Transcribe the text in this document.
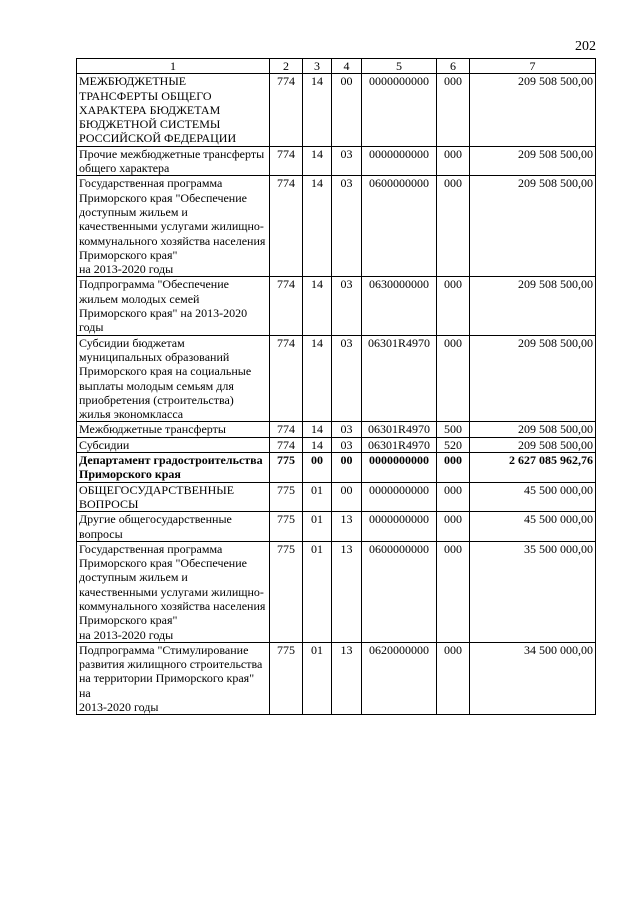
202
1	2	3	4	5	6	7
МЕЖБЮДЖЕТНЫЕ ТРАНСФЕРТЫ ОБЩЕГО ХАРАКТЕРА БЮДЖЕТАМ БЮДЖЕТНОЙ СИСТЕМЫ РОССИЙСКОЙ ФЕДЕРАЦИИ	774	14	00	0000000000	000	209 508 500,00
Прочие межбюджетные трансферты общего характера	774	14	03	0000000000	000	209 508 500,00
Государственная программа Приморского края "Обеспечение доступным жильем и качественными услугами жилищно-коммунального хозяйства населения Приморского края"
на 2013-2020 годы	774	14	03	0600000000	000	209 508 500,00
Подпрограмма "Обеспечение жильем молодых семей Приморского края" на 2013-2020 годы	774	14	03	0630000000	000	209 508 500,00
Субсидии бюджетам муниципальных образований Приморского края на социальные выплаты молодым семьям для приобретения (строительства) жилья экономкласса	774	14	03	06301R4970	000	209 508 500,00
Межбюджетные трансферты	774	14	03	06301R4970	500	209 508 500,00
Субсидии	774	14	03	06301R4970	520	209 508 500,00
Департамент градостроительства Приморского края	775	00	00	0000000000	000	2 627 085 962,76
ОБЩЕГОСУДАРСТВЕННЫЕ ВОПРОСЫ	775	01	00	0000000000	000	45 500 000,00
Другие общегосударственные вопросы	775	01	13	0000000000	000	45 500 000,00
Государственная программа Приморского края "Обеспечение доступным жильем и качественными услугами жилищно-коммунального хозяйства населения Приморского края"
на 2013-2020 годы	775	01	13	0600000000	000	35 500 000,00
Подпрограмма "Стимулирование развития жилищного строительства на территории Приморского края" на
2013-2020 годы	775	01	13	0620000000	000	34 500 000,00
